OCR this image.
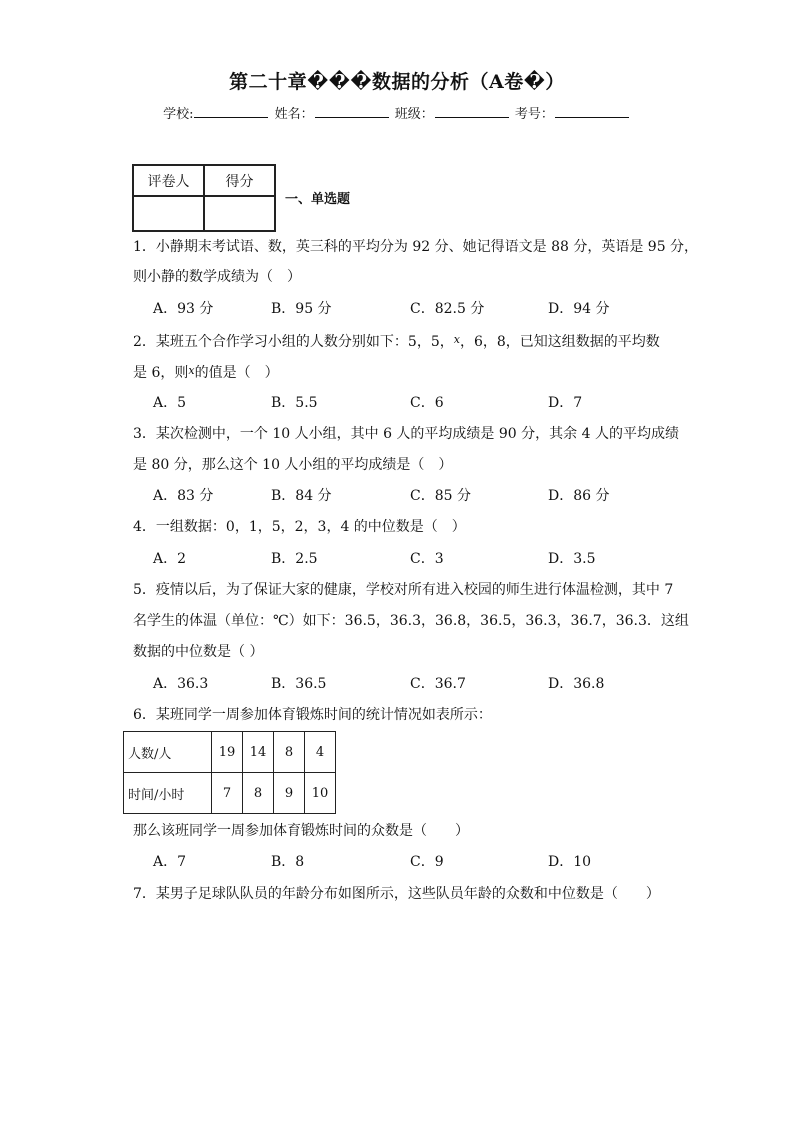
第二十章���数据的分析（A卷�）
学校:	姓名：	班级：	考号：
评卷人	得分

一、单选题
1．小静期末考试语、数，英三科的平均分为 92 分、她记得语文是 88 分，英语是 95 分，
则小静的数学成绩为（　）
A．93 分	B．95 分	C．82.5 分	D．94 分
2．某班五个合作学习小组的人数分别如下：5，5，$^x$，6，8，已知这组数据的平均数
是 6，则$^x$的值是（　）
A．5	B．5.5	C．6	D．7
3．某次检测中，一个 10 人小组，其中 6 人的平均成绩是 90 分，其余 4 人的平均成绩
是 80 分，那么这个 10 人小组的平均成绩是（　）
A．83 分	B．84 分	C．85 分	D．86 分
4．一组数据：0，1，5，2，3，4 的中位数是（　）
A．2	B．2.5	C．3	D．3.5
5．疫情以后，为了保证大家的健康，学校对所有进入校园的师生进行体温检测，其中 7
名学生的体温（单位：℃）如下：36.5，36.3，36.8，36.5，36.3，36.7，36.3．这组
数据的中位数是（ ）
A．36.3	B．36.5	C．36.7	D．36.8
6．某班同学一周参加体育锻炼时间的统计情况如表所示：
人数/人	19	14	8	4
时间/小时	7	8	9	10
那么该班同学一周参加体育锻炼时间的众数是（　　）
A．7	B．8	C．9	D．10
7．某男子足球队队员的年龄分布如图所示，这些队员年龄的众数和中位数是（　　）
